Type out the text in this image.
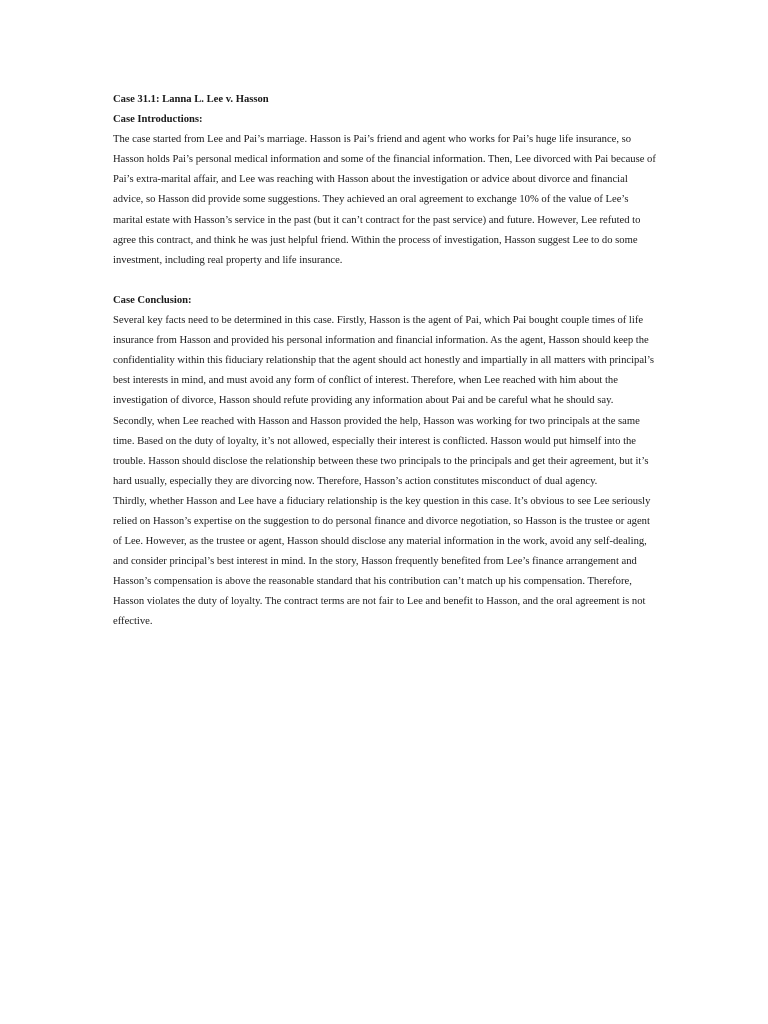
Case 31.1: Lanna L. Lee v. Hasson

Case Introductions:

The case started from Lee and Pai’s marriage. Hasson is Pai’s friend and agent who works for Pai’s huge life insurance, so Hasson holds Pai’s personal medical information and some of the financial information. Then, Lee divorced with Pai because of Pai’s extra-marital affair, and Lee was reaching with Hasson about the investigation or advice about divorce and financial advice, so Hasson did provide some suggestions. They achieved an oral agreement to exchange 10% of the value of Lee’s marital estate with Hasson’s service in the past (but it can’t contract for the past service) and future. However, Lee refuted to agree this contract, and think he was just helpful friend. Within the process of investigation, Hasson suggest Lee to do some investment, including real property and life insurance.

Case Conclusion:

Several key facts need to be determined in this case. Firstly, Hasson is the agent of Pai, which Pai bought couple times of life insurance from Hasson and provided his personal information and financial information. As the agent, Hasson should keep the confidentiality within this fiduciary relationship that the agent should act honestly and impartially in all matters with principal’s best interests in mind, and must avoid any form of conflict of interest. Therefore, when Lee reached with him about the investigation of divorce, Hasson should refute providing any information about Pai and be careful what he should say.

Secondly, when Lee reached with Hasson and Hasson provided the help, Hasson was working for two principals at the same time. Based on the duty of loyalty, it’s not allowed, especially their interest is conflicted. Hasson would put himself into the trouble. Hasson should disclose the relationship between these two principals to the principals and get their agreement, but it’s hard usually, especially they are divorcing now. Therefore, Hasson’s action constitutes misconduct of dual agency.

Thirdly, whether Hasson and Lee have a fiduciary relationship is the key question in this case. It’s obvious to see Lee seriously relied on Hasson’s expertise on the suggestion to do personal finance and divorce negotiation, so Hasson is the trustee or agent of Lee. However, as the trustee or agent, Hasson should disclose any material information in the work, avoid any self-dealing, and consider principal’s best interest in mind. In the story, Hasson frequently benefited from Lee’s finance arrangement and Hasson’s compensation is above the reasonable standard that his contribution can’t match up his compensation. Therefore, Hasson violates the duty of loyalty. The contract terms are not fair to Lee and benefit to Hasson, and the oral agreement is not effective.
